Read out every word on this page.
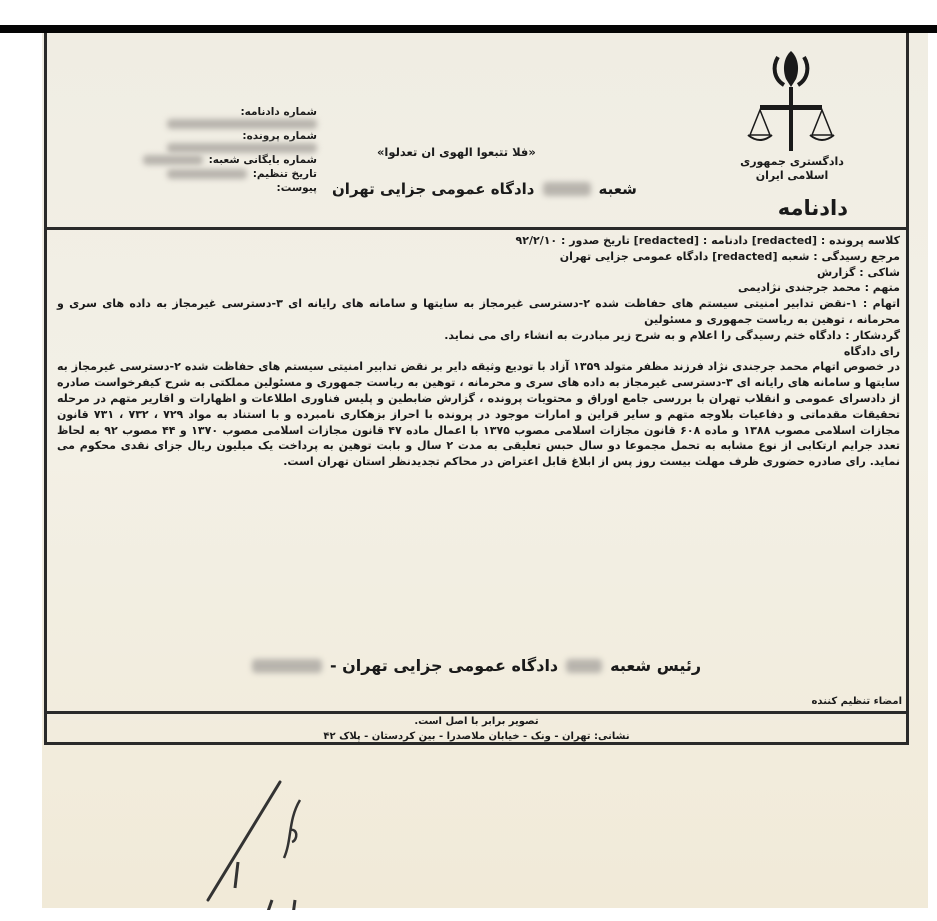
دادگستری جمهوری
اسلامی ایران
دادنامه
«فلا تتبعوا الهوی ان تعدلوا»
شعبه
دادگاه عمومی جزایی تهران
شماره دادنامه:
شماره پرونده:
شماره بایگانی شعبه:
تاریخ تنظیم:
پیوست:
کلاسه پرونده : [redacted] دادنامه : [redacted] تاریخ صدور : ۹۲/۲/۱۰
مرجع رسیدگی : شعبه [redacted] دادگاه عمومی جزایی تهران
شاکی : گزارش
متهم : محمد جرجندی نژادیمی
اتهام : ۱-نقض تدابیر امنیتی سیستم های حفاظت شده ۲-دسترسی غیرمجاز به سایتها و سامانه های رایانه ای ۳-دسترسی غیرمجاز به داده های سری و محرمانه ، توهین به ریاست جمهوری و مسئولین
گردشکار : دادگاه ختم رسیدگی را اعلام و به شرح زیر مبادرت به انشاء رای می نماید.
رای دادگاه

در خصوص اتهام محمد جرجندی نژاد فرزند مظفر متولد ۱۳۵۹ آزاد با تودیع وثیقه دایر بر نقض تدابیر امنیتی سیستم های حفاظت شده ۲-دسترسی غیرمجاز به سایتها و سامانه های رایانه ای ۳-دسترسی غیرمجاز به داده های سری و محرمانه ، توهین به ریاست جمهوری و مسئولین مملکتی به شرح کیفرخواست صادره از دادسرای عمومی و انقلاب تهران با بررسی جامع اوراق و محتویات پرونده ، گزارش ضابطین و پلیس فناوری اطلاعات و اظهارات و اقاریر متهم در مرحله تحقیقات مقدماتی و دفاعیات بلاوجه متهم و سایر قراین و امارات موجود در پرونده با احراز بزهکاری نامبرده و با استناد به مواد ۷۲۹ ، ۷۳۲ ، ۷۳۱ قانون مجازات اسلامی مصوب ۱۳۸۸ و ماده ۶۰۸ قانون مجازات اسلامی مصوب ۱۳۷۵ با اعمال ماده ۴۷ قانون مجازات اسلامی مصوب ۱۳۷۰ و ۴۴ مصوب ۹۲ به لحاظ تعدد جرایم ارتکابی از نوع مشابه به تحمل مجموعا دو سال حبس تعلیقی به مدت ۲ سال و بابت توهین به پرداخت یک میلیون ریال جزای نقدی محکوم می نماید. رای صادره حضوری ظرف مهلت بیست روز پس از ابلاغ قابل اعتراض در محاکم تجدیدنظر استان تهران است.

رئیس شعبه
دادگاه عمومی جزایی تهران -
امضاء تنظیم کننده
تصویر برابر با اصل است.
نشانی: تهران - ونک - خیابان ملاصدرا - بین کردستان - پلاک ۴۲
